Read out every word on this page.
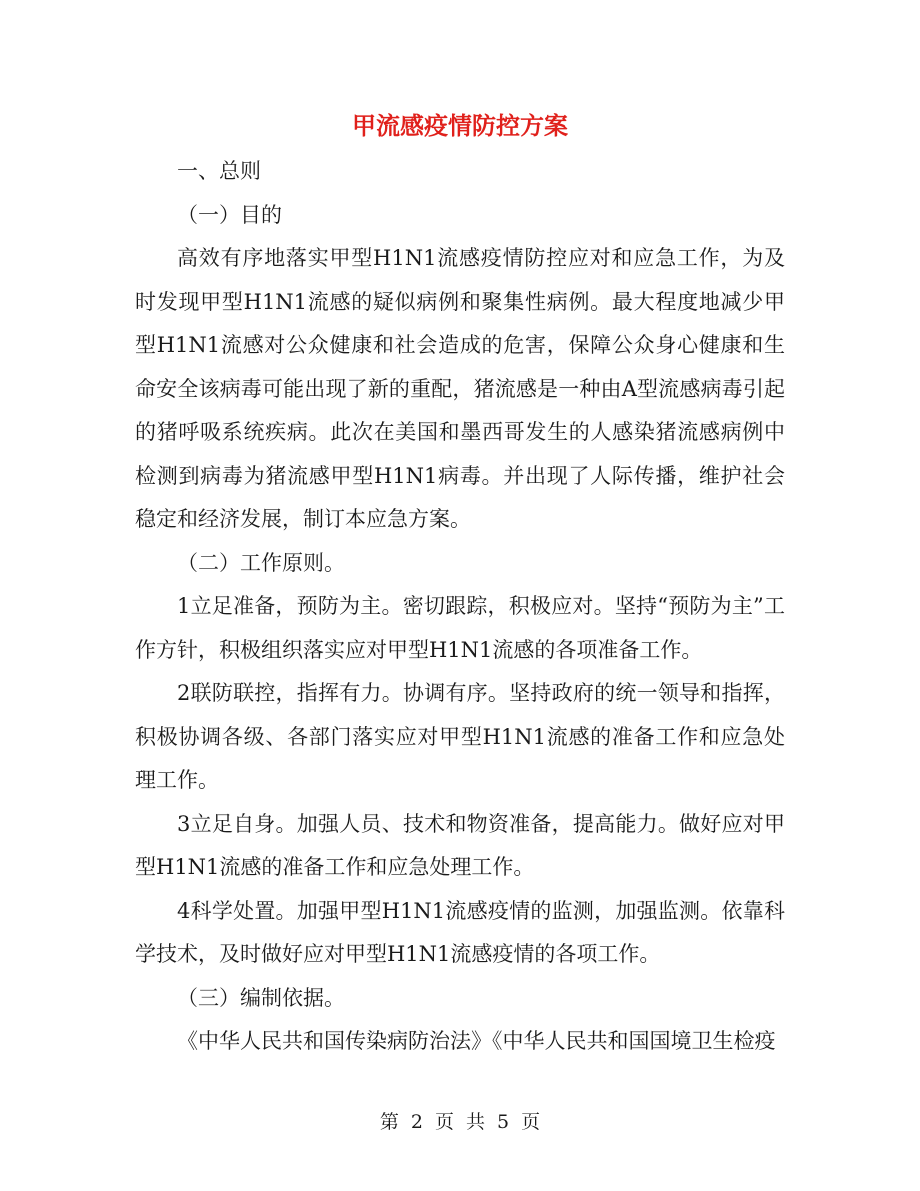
甲流感疫情防控方案

一、总则

（一）目的

高效有序地落实甲型H1N1流感疫情防控应对和应急工作，为及时发现甲型H1N1流感的疑似病例和聚集性病例。最大程度地减少甲型H1N1流感对公众健康和社会造成的危害，保障公众身心健康和生命安全该病毒可能出现了新的重配，猪流感是一种由A型流感病毒引起的猪呼吸系统疾病。此次在美国和墨西哥发生的人感染猪流感病例中检测到病毒为猪流感甲型H1N1病毒。并出现了人际传播，维护社会稳定和经济发展，制订本应急方案。

（二）工作原则。

1立足准备，预防为主。密切跟踪，积极应对。坚持“预防为主”工作方针，积极组织落实应对甲型H1N1流感的各项准备工作。

2联防联控，指挥有力。协调有序。坚持政府的统一领导和指挥，积极协调各级、各部门落实应对甲型H1N1流感的准备工作和应急处理工作。

3立足自身。加强人员、技术和物资准备，提高能力。做好应对甲型H1N1流感的准备工作和应急处理工作。

4科学处置。加强甲型H1N1流感疫情的监测，加强监测。依靠科学技术，及时做好应对甲型H1N1流感疫情的各项工作。

（三）编制依据。

《中华人民共和国传染病防治法》《中华人民共和国国境卫生检疫

第 2 页 共 5 页
